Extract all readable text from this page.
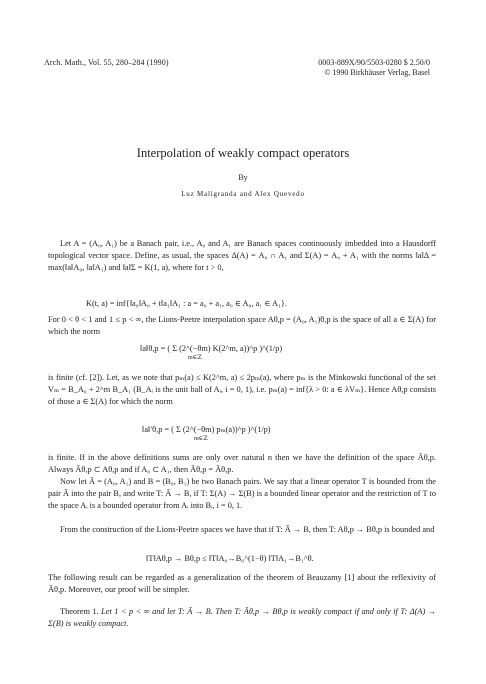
Arch. Math., Vol. 55, 280–284 (1990)	0003-889X/90/5503-0280 $ 2.50/0
© 1990 Birkhäuser Verlag, Basel
Interpolation of weakly compact operators
By
Luz Maligranda and Alex Quevedo

Let A = (A₀, A₁) be a Banach pair, i.e., A₀ and A₁ are Banach spaces continuously imbedded into a Hausdorff topological vector space. Define, as usual, the spaces Δ(A) = A₀ ∩ A₁ and Σ(A) = A₀ + A₁ with the norms ‖a‖Δ = max(‖a‖A₀, ‖a‖A₁) and ‖a‖Σ = K(1, a), where for t > 0,

K(t, a) = inf{‖a₀‖A₀ + t‖a₁‖A₁ : a = a₀ + a₁, a₀ ∈ A₀, a₁ ∈ A₁}.

For 0 < θ < 1 and 1 ≤ p < ∞, the Lions-Peetre interpolation space Aθ,p = (A₀, A₁)θ,p is the space of all a ∈ Σ(A) for which the norm

‖a‖θ,p = ( Σ (2^(−θm) K(2^m, a))^p )^(1/p)
m∈ℤ

is finite (cf. [2]). Let, as we note that pₘ(a) ≤ K(2^m, a) ≤ 2pₘ(a), where pₘ is the Minkowski functional of the set Vₘ = B_A₀ + 2^m B_A₁ (B_Aᵢ is the unit ball of Aᵢ, i = 0, 1), i.e. pₘ(a) = inf{λ > 0: a ∈ λVₘ}. Hence Aθ,p consists of those a ∈ Σ(A) for which the norm

‖a‖′θ,p = ( Σ (2^(−θm) pₘ(a))^p )^(1/p)
m∈ℤ

is finite. If in the above definitions sums are only over natural n then we have the definition of the space Āθ,p. Always Āθ,p ⊂ Aθ,p and if A₀ ⊂ A₁, then Āθ,p = Āθ,p.

Now let Ā = (A₀, A₁) and B = (B₀, B₁) be two Banach pairs. We say that a linear operator T is bounded from the pair Ā into the pair B, and write T: Ā → B, if T: Σ(A) → Σ(B) is a bounded linear operator and the restriction of T to the space Aᵢ is a bounded operator from Aᵢ into Bᵢ, i = 0, 1.

From the construction of the Lions-Peetre spaces we have that if T: Ā → B, then T: Aθ,p → Bθ,p is bounded and

‖T‖Aθ,p → Bθ,p ≤ ‖T‖A₀→B₀^(1−θ) ‖T‖A₁→B₁^θ.

The following result can be regarded as a generalization of the theorem of Beauzamy [1] about the reflexivity of Āθ,p. Moreover, our proof will be simpler.

Theorem 1. Let 1 < p < ∞ and let T: Ā → B. Then T: Āθ,p → Bθ,p is weakly compact if and only if T: Δ(A) → Σ(B) is weakly compact.
